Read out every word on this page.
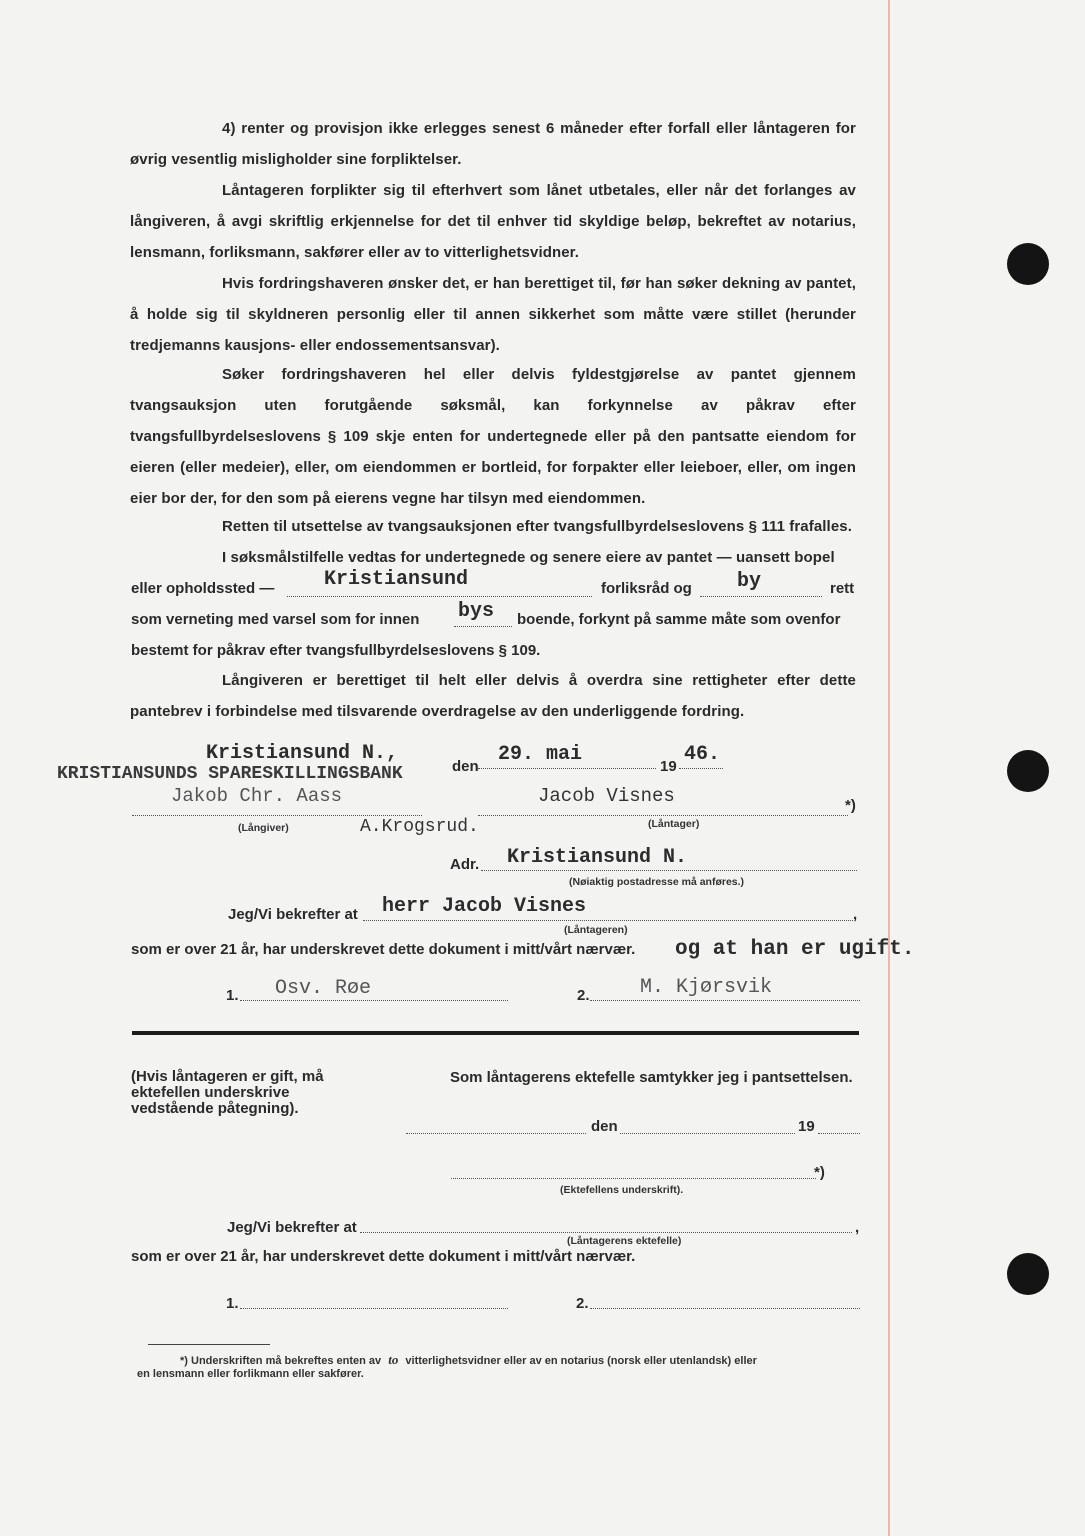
4) renter og provisjon ikke erlegges senest 6 måneder efter forfall eller låntageren for øvrig vesentlig misligholder sine forpliktelser.

Låntageren forplikter sig til efterhvert som lånet utbetales, eller når det forlanges av långiveren, å avgi skriftlig erkjennelse for det til enhver tid skyldige beløp, bekreftet av notarius, lensmann, forliksmann, sakfører eller av to vitterlighetsvidner.

Hvis fordringshaveren ønsker det, er han berettiget til, før han søker dekning av pantet, å holde sig til skyldneren personlig eller til annen sikkerhet som måtte være stillet (herunder tredjemanns kausjons- eller endossementsansvar).

Søker fordringshaveren hel eller delvis fyldestgjørelse av pantet gjennem tvangsauksjon uten forutgående søksmål, kan forkynnelse av påkrav efter tvangsfullbyrdelseslovens § 109 skje enten for undertegnede eller på den pantsatte eiendom for eieren (eller medeier), eller, om eiendommen er bortleid, for forpakter eller leieboer, eller, om ingen eier bor der, for den som på eierens vegne har tilsyn med eiendommen.

Retten til utsettelse av tvangsauksjonen efter tvangsfullbyrdelseslovens § 111 frafalles.

I søksmålstilfelle vedtas for undertegnede og senere eiere av pantet — uansett bopel

eller opholdssted — Kristiansund	forliksråd og by	rett
som verneting med varsel som for innen bys boende, forkynt på samme måte som ovenfor
bestemt for påkrav efter tvangsfullbyrdelseslovens § 109.

Långiveren er berettiget til helt eller delvis å overdra sine rettigheter efter dette pantebrev i forbindelse med tilsvarende overdragelse av den underliggende fordring.

Kristiansund N.,
KRISTIANSUNDS SPARESKILLINGSBANK	den
29. mai
19
46.
Jakob Chr. Aass	Jacob Visnes	*)
(Långiver)	A.Krogsrud.	(Låntager)
Adr. Kristiansund N.
(Nøiaktig postadresse må anføres.)
Jeg/Vi bekrefter at	,
herr Jacob Visnes
(Låntageren)
som er over 21 år, har underskrevet dette dokument i mitt/vårt nærvær. og at han er ugift.
1. Osv. Røe	2.	M. Kjørsvik
(Hvis låntageren er gift, må ektefellen underskrive vedstående påtegning).
Som låntagerens ektefelle samtykker jeg i pantsettelsen.
den	19
*)
(Ektefellens underskrift).
Jeg/Vi bekrefter at	,
(Låntagerens ektefelle)
som er over 21 år, har underskrevet dette dokument i mitt/vårt nærvær.
1.	2.
*) Underskriften må bekreftes enten av to vitterlighetsvidner eller av en notarius (norsk eller utenlandsk) eller
en lensmann eller forlikmann eller sakfører.
